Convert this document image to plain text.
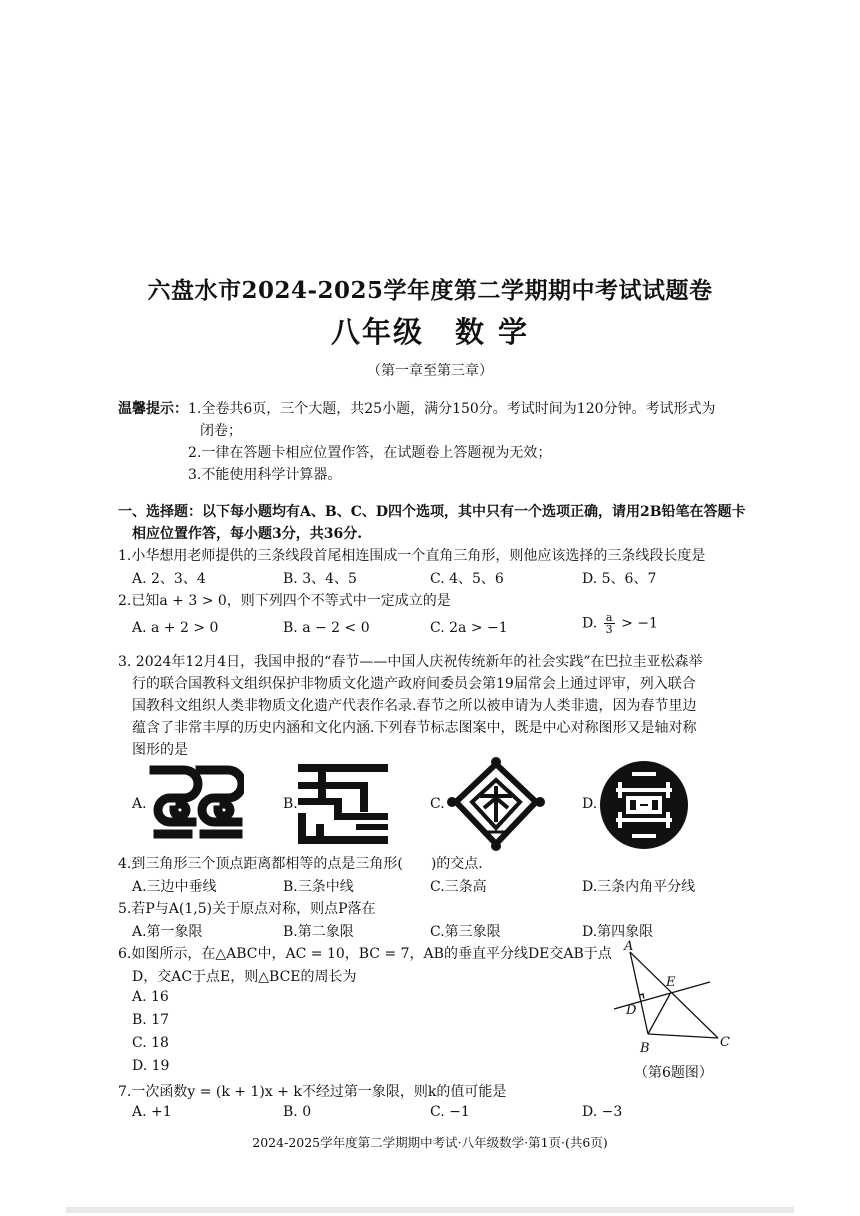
六盘水市2024-2025学年度第二学期期中考试试题卷
八年级　数 学
（第一章至第三章）
温馨提示： 1.全卷共6页，三个大题，共25小题，满分150分。考试时间为120分钟。考试形式为
闭卷；
2.一律在答题卡相应位置作答，在试题卷上答题视为无效；
3.不能使用科学计算器。
一、选择题：以下每小题均有A、B、C、D四个选项，其中只有一个选项正确，请用2B铅笔在答题卡
相应位置作答，每小题3分，共36分.
1.小华想用老师提供的三条线段首尾相连围成一个直角三角形，则他应该选择的三条线段长度是
A. 2、3、4	B. 3、4、5	C. 4、5、6	D. 5、6、7
2.已知a + 3 > 0，则下列四个不等式中一定成立的是
A. a + 2 > 0	B. a − 2 < 0	C. 2a > −1	D. $\frac{a}{3} > -1$
3. 2024年12月4日，我国申报的“春节——中国人庆祝传统新年的社会实践”在巴拉圭亚松森举
行的联合国教科文组织保护非物质文化遗产政府间委员会第19届常会上通过评审，列入联合
国教科文组织人类非物质文化遗产代表作名录.春节之所以被申请为人类非遗，因为春节里边
蕴含了非常丰厚的历史内涵和文化内涵.下列春节标志图案中，既是中心对称图形又是轴对称
图形的是
A.	B.	C.	D.
4.到三角形三个顶点距离都相等的点是三角形(　　)的交点.
A.三边中垂线	B.三条中线	C.三条高	D.三条内角平分线
5.若P与A(1,5)关于原点对称，则点P落在
A.第一象限	B.第二象限	C.第三象限	D.第四象限
6.如图所示，在△ABC中，AC = 10，BC = 7，AB的垂直平分线DE交AB于点
D，交AC于点E，则△BCE的周长为
A. 16
B. 17
C. 18
D. 19
A
E
D
B	C
（第6题图）
7.一次函数y = (k + 1)x + k不经过第一象限，则k的值可能是
A. +1	B. 0	C. −1	D. −3
2024-2025学年度第二学期期中考试·八年级数学·第1页·(共6页)
